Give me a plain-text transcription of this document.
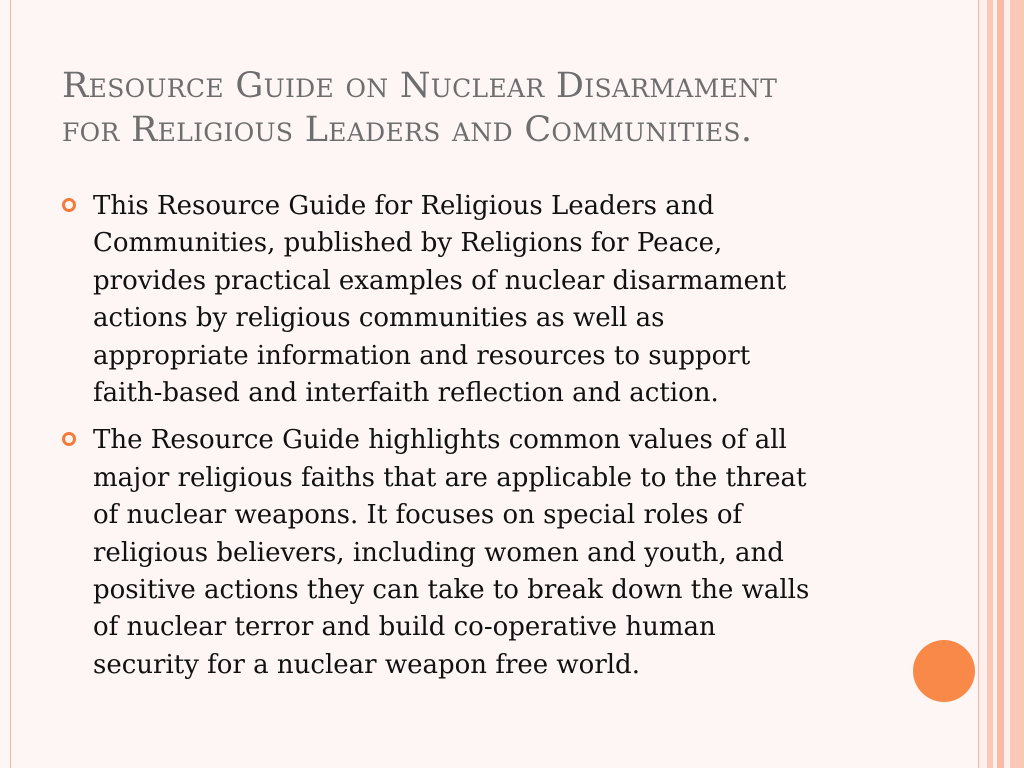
Resource Guide on Nuclear Disarmament
for Religious Leaders and Communities.
This Resource Guide for Religious Leaders and
Communities, published by Religions for Peace,
provides practical examples of nuclear disarmament
actions by religious communities as well as
appropriate information and resources to support
faith-based and interfaith reflection and action.
The Resource Guide highlights common values of all
major religious faiths that are applicable to the threat
of nuclear weapons. It focuses on special roles of
religious believers, including women and youth, and
positive actions they can take to break down the walls
of nuclear terror and build co-operative human
security for a nuclear weapon free world.
